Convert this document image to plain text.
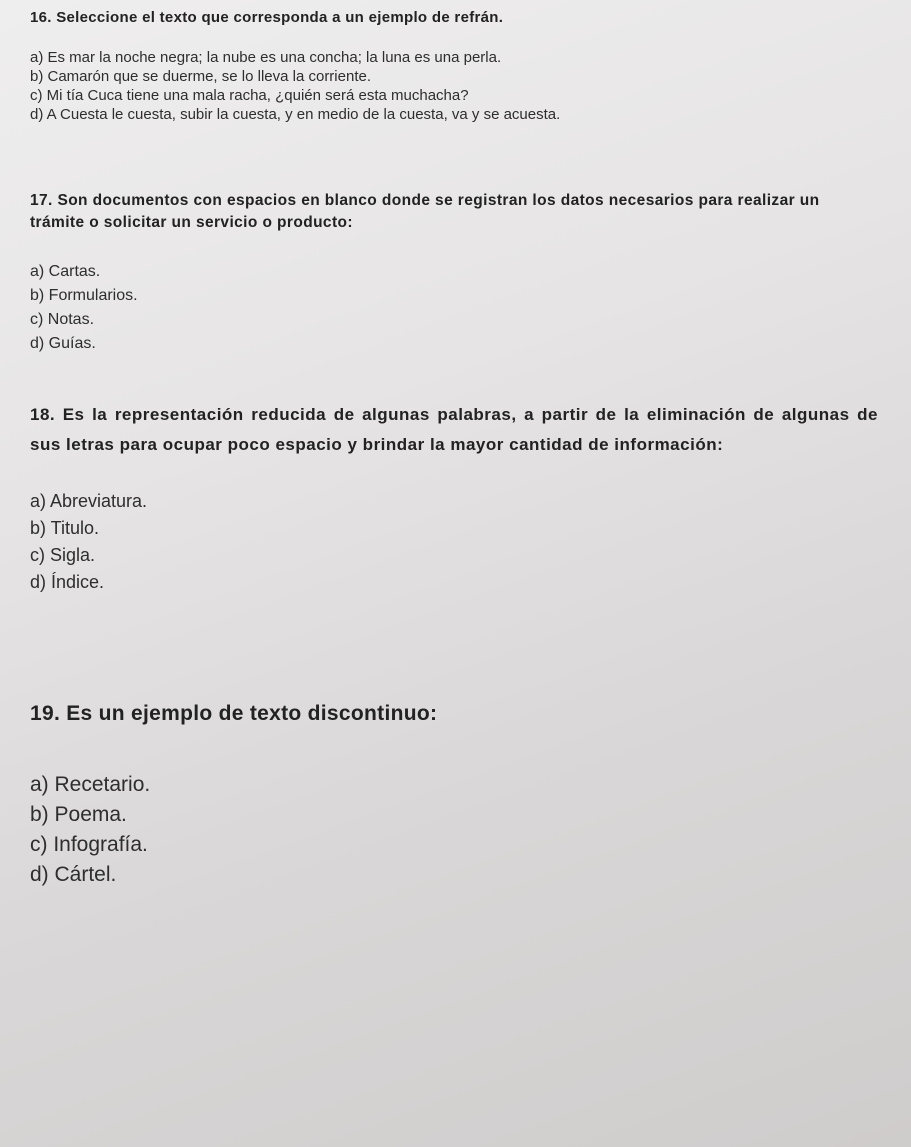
16. Seleccione el texto que corresponda a un ejemplo de refrán.

a) Es mar la noche negra; la nube es una concha; la luna es una perla.
b) Camarón que se duerme, se lo lleva la corriente.
c) Mi tía Cuca tiene una mala racha, ¿quién será esta muchacha?
d) A Cuesta le cuesta, subir la cuesta, y en medio de la cuesta, va y se acuesta.

17. Son documentos con espacios en blanco donde se registran los datos necesarios para realizar un trámite o solicitar un servicio o producto:

a) Cartas.
b) Formularios.
c) Notas.
d) Guías.

18. Es la representación reducida de algunas palabras, a partir de la eliminación de algunas de sus letras para ocupar poco espacio y brindar la mayor cantidad de información:

a) Abreviatura.
b) Titulo.
c) Sigla.
d) Índice.

19. Es un ejemplo de texto discontinuo:

a) Recetario.
b) Poema.
c) Infografía.
d) Cártel.
